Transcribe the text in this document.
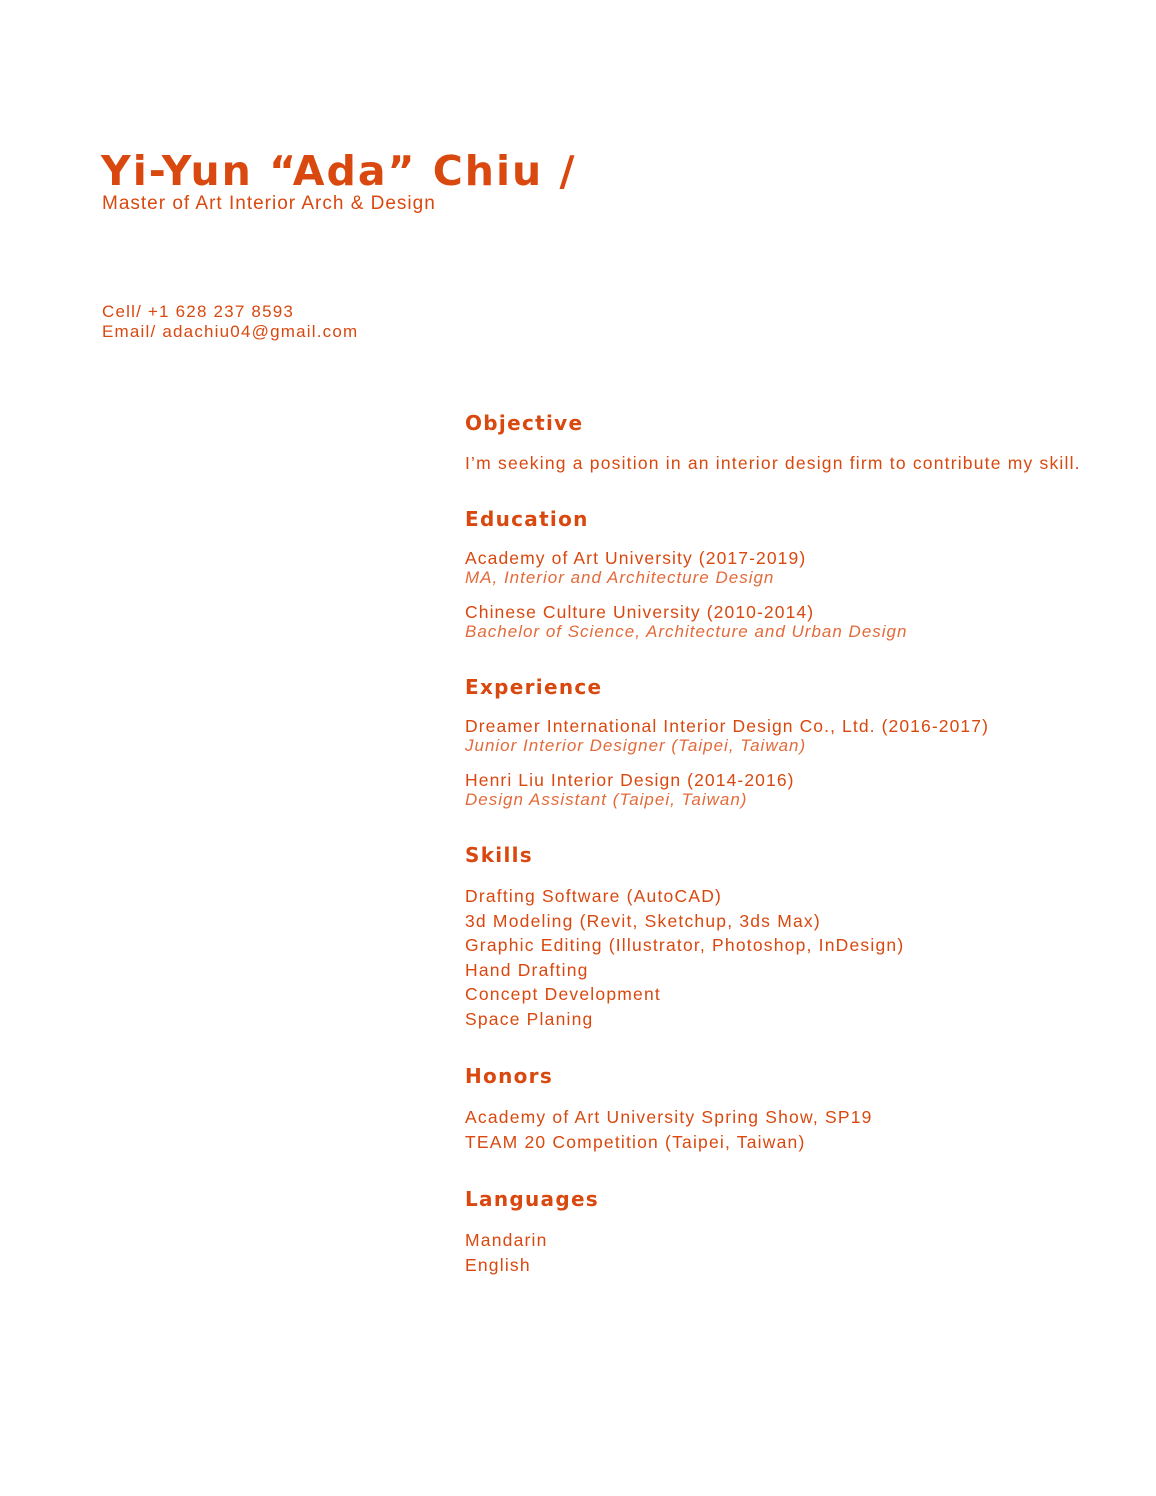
Yi-Yun “Ada” Chiu /
Master of Art Interior Arch & Design
Cell/ +1 628 237 8593
Email/ adachiu04@gmail.com
Objective

I’m seeking a position in an interior design firm to contribute my skill.

Education
Academy of Art University (2017-2019)
MA, Interior and Architecture Design
Chinese Culture University (2010-2014)
Bachelor of Science, Architecture and Urban Design
Experience
Dreamer International Interior Design Co., Ltd. (2016-2017)
Junior Interior Designer (Taipei, Taiwan)
Henri Liu Interior Design (2014-2016)
Design Assistant (Taipei, Taiwan)
Skills
Drafting Software (AutoCAD)
3d Modeling (Revit, Sketchup, 3ds Max)
Graphic Editing (Illustrator, Photoshop, InDesign)
Hand Drafting
Concept Development
Space Planing
Honors
Academy of Art University Spring Show, SP19
TEAM 20 Competition (Taipei, Taiwan)
Languages
Mandarin
English
